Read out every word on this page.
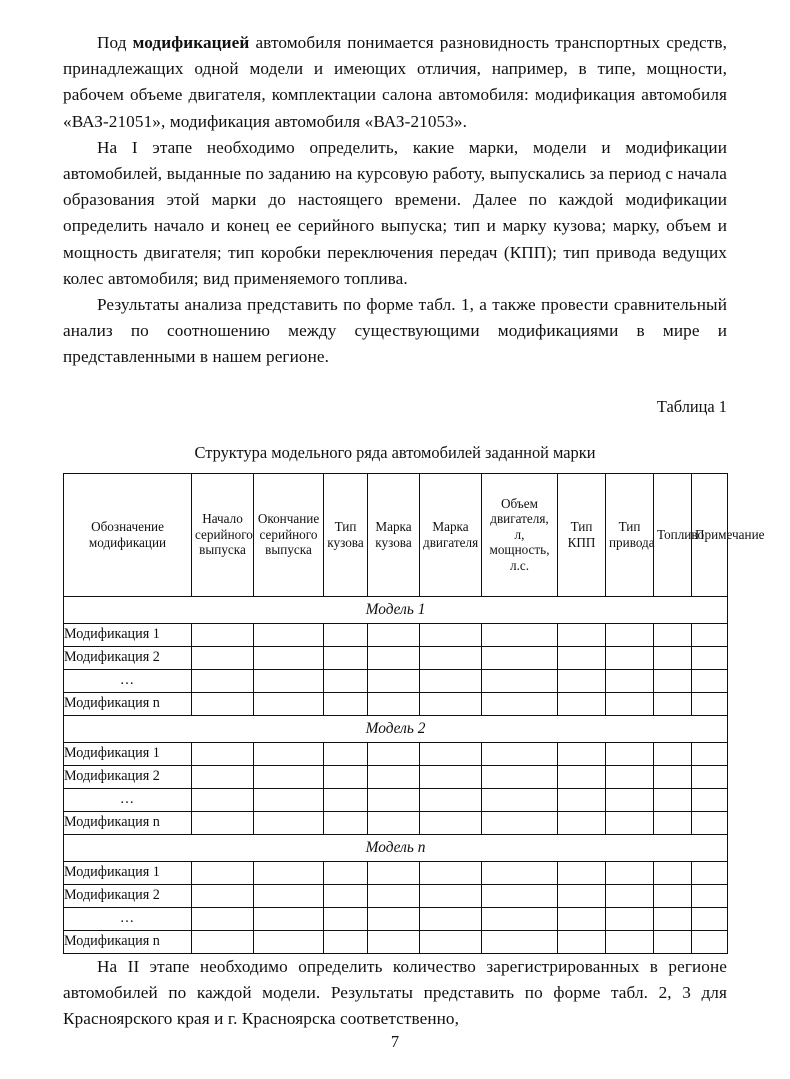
Под модификацией автомобиля понимается разновидность транспортных средств, принадлежащих одной модели и имеющих отличия, например, в типе, мощности, рабочем объеме двигателя, комплектации салона автомобиля: модификация автомобиля «ВАЗ-21051», модификация автомобиля «ВАЗ-21053».

На I этапе необходимо определить, какие марки, модели и модификации автомобилей, выданные по заданию на курсовую работу, выпускались за период с начала образования этой марки до настоящего времени. Далее по каждой модификации определить начало и конец ее серийного выпуска; тип и марку кузова; марку, объем и мощность двигателя; тип коробки переключения передач (КПП); тип привода ведущих колес автомобиля; вид применяемого топлива.

Результаты анализа представить по форме табл. 1, а также провести сравнительный анализ по соотношению между существующими модификациями в мире и представленными в нашем регионе.

Таблица 1
Структура модельного ряда автомобилей заданной марки
Обозначение модификации	Начало серийного выпуска	Окончание серийного выпуска	Тип кузова	Марка кузова	Марка двигателя	Объем двигателя, л, мощность, л.с.	Тип КПП	Тип привода	Топливо	Примечание
Модель 1										
Модификация 1										
Модификация 2										
…										
Модификация n										
Модель 2										
Модификация 1										
Модификация 2										
…										
Модификация n										
Модель n										
Модификация 1										
Модификация 2										
…										
Модификация n										

На II этапе необходимо определить количество зарегистрированных в регионе автомобилей по каждой модели. Результаты представить по форме табл. 2, 3 для Красноярского края и г. Красноярска соответственно,

7
